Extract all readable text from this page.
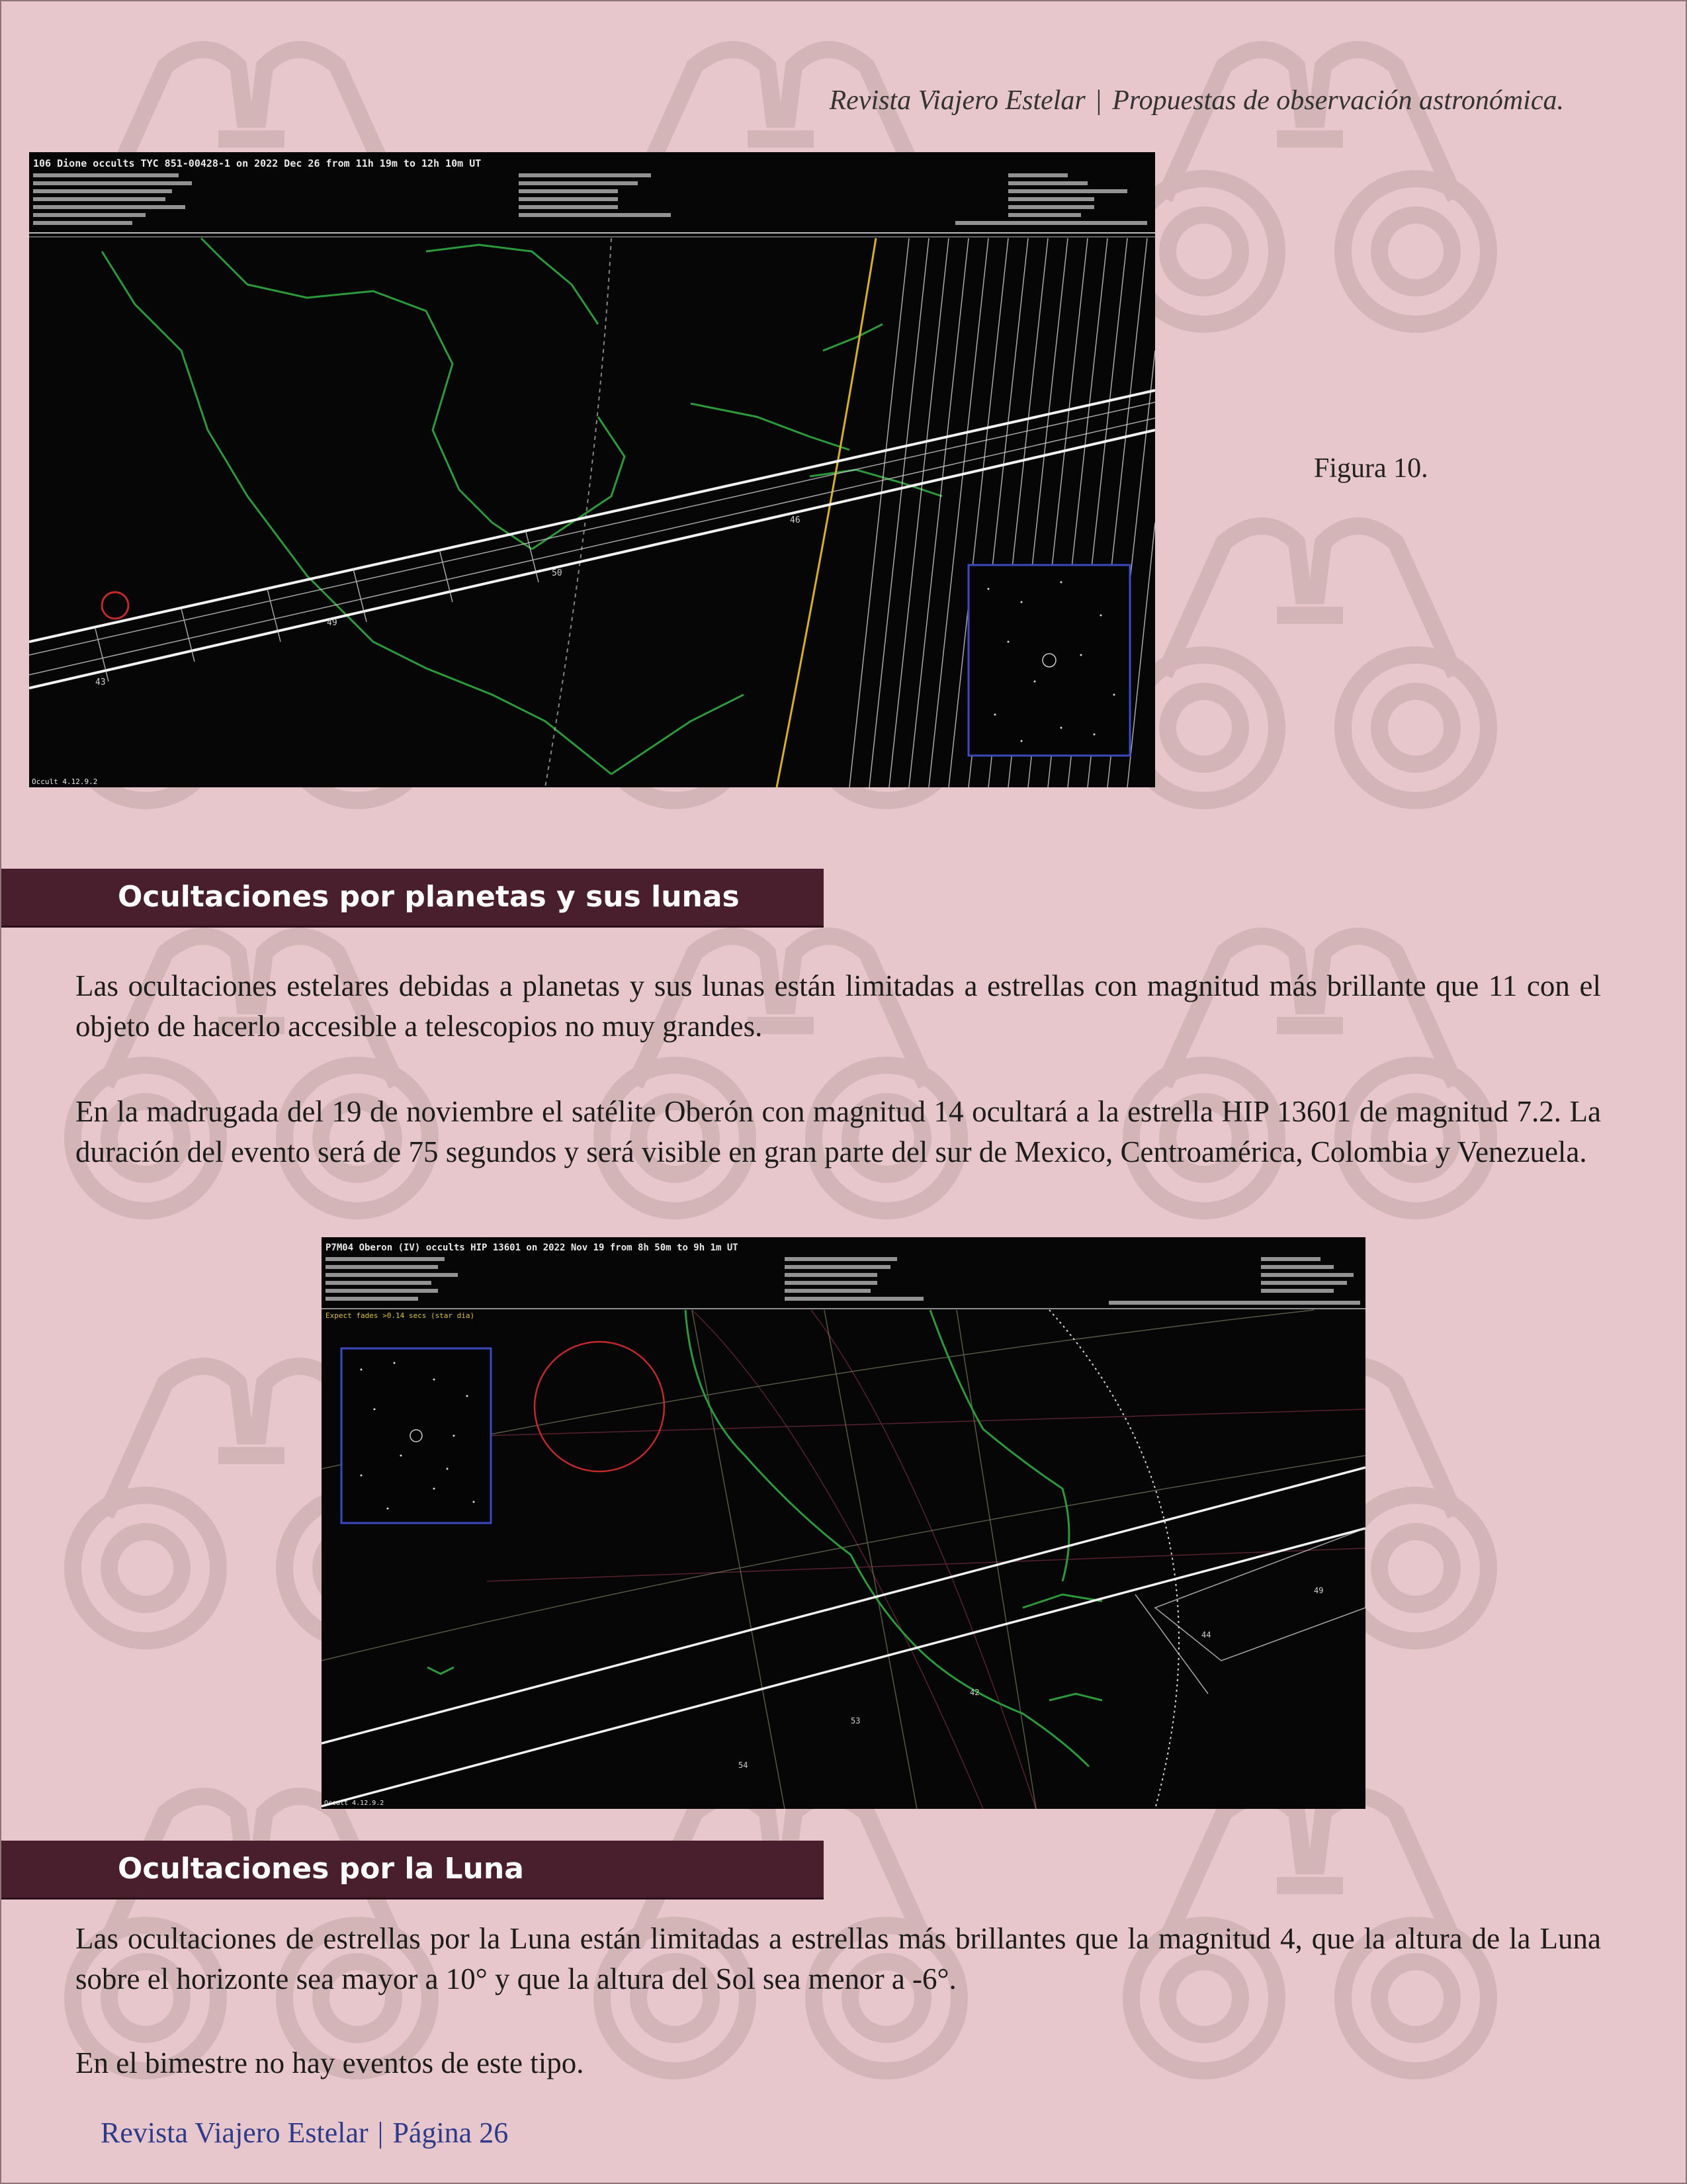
Revista Viajero Estelar | Propuestas de observación astronómica.
106 Dione occults TYC 851-00428-1 on 2022 Dec 26 from 11h 19m to 12h 10m UT
43
49
50
46
Occult 4.12.9.2
Figura 10.
Ocultaciones por planetas y sus lunas

Las ocultaciones estelares debidas a planetas y sus lunas están limitadas a estrellas con magnitud más brillante que 11 con el objeto de hacerlo accesible a telescopios no muy grandes.

En la madrugada del 19 de noviembre el satélite Oberón con magnitud 14 ocultará a la estrella HIP 13601 de magnitud 7.2. La duración del evento será de 75 segundos y será visible en gran parte del sur de Mexico, Centroamérica, Colombia y Venezuela.

P7M04 Oberon (IV) occults HIP 13601 on 2022 Nov 19 from 8h 50m to 9h 1m UT
Expect fades >0.14 secs (star dia)
42
53
54
49
44
Occult 4.12.9.2
Ocultaciones por la Luna

Las ocultaciones de estrellas por la Luna están limitadas a estrellas más brillantes que la magnitud 4, que la altura de la Luna sobre el horizonte sea mayor a 10° y que la altura del Sol sea menor a -6°.

En el bimestre no hay eventos de este tipo.

Revista Viajero Estelar | Página 26
